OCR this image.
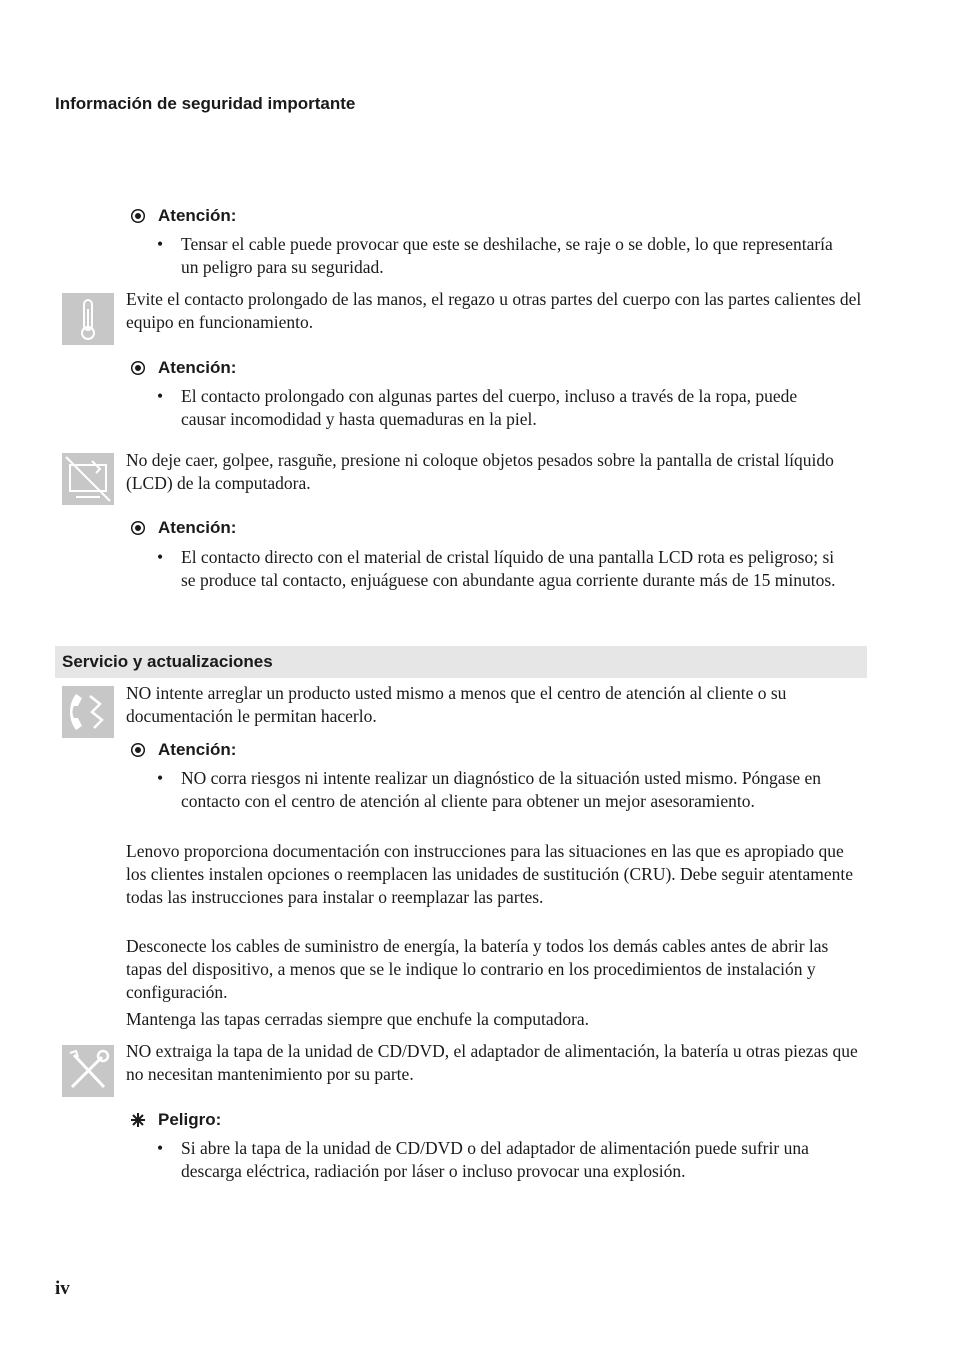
Información de seguridad importante
Atención:
•	Tensar el cable puede provocar que este se deshilache, se raje o se doble, lo que representaría un peligro para su seguridad.
Evite el contacto prolongado de las manos, el regazo u otras partes del cuerpo con las partes calientes del equipo en funcionamiento.
Atención:
•	El contacto prolongado con algunas partes del cuerpo, incluso a través de la ropa, puede causar incomodidad y hasta quemaduras en la piel.
No deje caer, golpee, rasguñe, presione ni coloque objetos pesados sobre la pantalla de cristal líquido (LCD) de la computadora.
Atención:
•	El contacto directo con el material de cristal líquido de una pantalla LCD rota es peligroso; si se produce tal contacto, enjuáguese con abundante agua corriente durante más de 15 minutos.
Servicio y actualizaciones
NO intente arreglar un producto usted mismo a menos que el centro de atención al cliente o su documentación le permitan hacerlo.
Atención:
•	NO corra riesgos ni intente realizar un diagnóstico de la situación usted mismo. Póngase en contacto con el centro de atención al cliente para obtener un mejor asesoramiento.
Lenovo proporciona documentación con instrucciones para las situaciones en las que es apropiado que los clientes instalen opciones o reemplacen las unidades de sustitución (CRU). Debe seguir atentamente todas las instrucciones para instalar o reemplazar las partes.
Desconecte los cables de suministro de energía, la batería y todos los demás cables antes de abrir las tapas del dispositivo, a menos que se le indique lo contrario en los procedimientos de instalación y configuración.
Mantenga las tapas cerradas siempre que enchufe la computadora.
NO extraiga la tapa de la unidad de CD/DVD, el adaptador de alimentación, la batería u otras piezas que no necesitan mantenimiento por su parte.
Peligro:
•	Si abre la tapa de la unidad de CD/DVD o del adaptador de alimentación puede sufrir una descarga eléctrica, radiación por láser o incluso provocar una explosión.
iv
